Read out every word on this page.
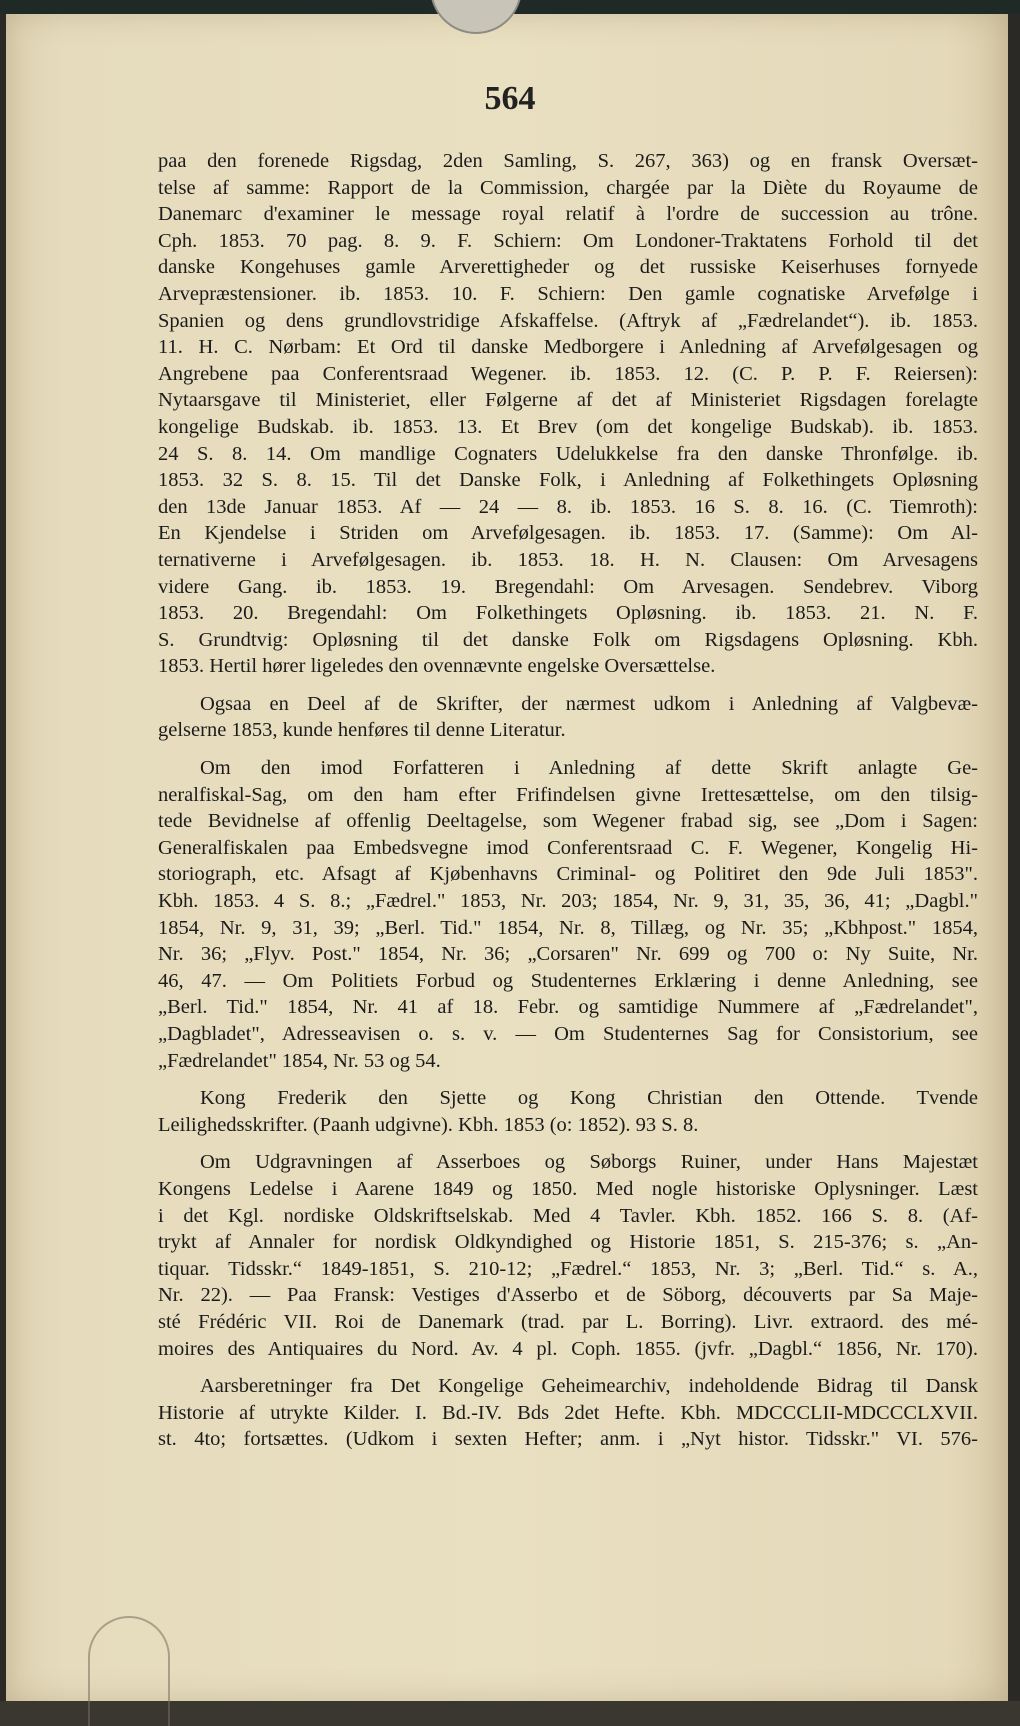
564
paa den forenede Rigsdag, 2den Samling, S. 267, 363) og en fransk Oversæt-
telse af samme: Rapport de la Commission, chargée par la Diète du Royaume de
Danemarc d'examiner le message royal relatif à l'ordre de succession au trône.
Cph. 1853. 70 pag. 8. 9. F. Schiern: Om Londoner-Traktatens Forhold til det
danske Kongehuses gamle Arverettigheder og det russiske Keiserhuses fornyede
Arvepræstensioner. ib. 1853. 10. F. Schiern: Den gamle cognatiske Arvefølge i
Spanien og dens grundlovstridige Afskaffelse. (Aftryk af „Fædrelandet“). ib. 1853.
11. H. C. Nørbam: Et Ord til danske Medborgere i Anledning af Arvefølgesagen og
Angrebene paa Conferentsraad Wegener. ib. 1853. 12. (C. P. P. F. Reiersen):
Nytaarsgave til Ministeriet, eller Følgerne af det af Ministeriet Rigsdagen forelagte
kongelige Budskab. ib. 1853. 13. Et Brev (om det kongelige Budskab). ib. 1853.
24 S. 8. 14. Om mandlige Cognaters Udelukkelse fra den danske Thronfølge. ib.
1853. 32 S. 8. 15. Til det Danske Folk, i Anledning af Folkethingets Opløsning
den 13de Januar 1853. Af — 24 — 8. ib. 1853. 16 S. 8. 16. (C. Tiemroth):
En Kjendelse i Striden om Arvefølgesagen. ib. 1853. 17. (Samme): Om Al-
ternativerne i Arvefølgesagen. ib. 1853. 18. H. N. Clausen: Om Arvesagens
videre Gang. ib. 1853. 19. Bregendahl: Om Arvesagen. Sendebrev. Viborg
1853. 20. Bregendahl: Om Folkethingets Opløsning. ib. 1853. 21. N. F.
S. Grundtvig: Opløsning til det danske Folk om Rigsdagens Opløsning. Kbh.
1853. Hertil hører ligeledes den ovennævnte engelske Oversættelse.
Ogsaa en Deel af de Skrifter, der nærmest udkom i Anledning af Valgbevæ-
gelserne 1853, kunde henføres til denne Literatur.
Om den imod Forfatteren i Anledning af dette Skrift anlagte Ge-
neralfiskal-Sag, om den ham efter Frifindelsen givne Irettesættelse, om den tilsig-
tede Bevidnelse af offenlig Deeltagelse, som Wegener frabad sig, see „Dom i Sagen:
Generalfiskalen paa Embedsvegne imod Conferentsraad C. F. Wegener, Kongelig Hi-
storiograph, etc. Afsagt af Kjøbenhavns Criminal- og Politiret den 9de Juli 1853".
Kbh. 1853. 4 S. 8.; „Fædrel." 1853, Nr. 203; 1854, Nr. 9, 31, 35, 36, 41; „Dagbl."
1854, Nr. 9, 31, 39; „Berl. Tid." 1854, Nr. 8, Tillæg, og Nr. 35; „Kbhpost." 1854,
Nr. 36; „Flyv. Post." 1854, Nr. 36; „Corsaren" Nr. 699 og 700 o: Ny Suite, Nr.
46, 47. — Om Politiets Forbud og Studenternes Erklæring i denne Anledning, see
„Berl. Tid." 1854, Nr. 41 af 18. Febr. og samtidige Nummere af „Fædrelandet",
„Dagbladet", Adresseavisen o. s. v. — Om Studenternes Sag for Consistorium, see
„Fædrelandet" 1854, Nr. 53 og 54.
Kong Frederik den Sjette og Kong Christian den Ottende. Tvende
Leilighedsskrifter. (Paanh udgivne). Kbh. 1853 (o: 1852). 93 S. 8.
Om Udgravningen af Asserboes og Søborgs Ruiner, under Hans Majestæt
Kongens Ledelse i Aarene 1849 og 1850. Med nogle historiske Oplysninger. Læst
i det Kgl. nordiske Oldskriftselskab. Med 4 Tavler. Kbh. 1852. 166 S. 8. (Af-
trykt af Annaler for nordisk Oldkyndighed og Historie 1851, S. 215-376; s. „An-
tiquar. Tidsskr.“ 1849-1851, S. 210-12; „Fædrel.“ 1853, Nr. 3; „Berl. Tid.“ s. A.,
Nr. 22). — Paa Fransk: Vestiges d'Asserbo et de Söborg, découverts par Sa Maje-
sté Frédéric VII. Roi de Danemark (trad. par L. Borring). Livr. extraord. des mé-
moires des Antiquaires du Nord. Av. 4 pl. Coph. 1855. (jvfr. „Dagbl.“ 1856, Nr. 170).
Aarsberetninger fra Det Kongelige Geheimearchiv, indeholdende Bidrag til Dansk
Historie af utrykte Kilder. I. Bd.-IV. Bds 2det Hefte. Kbh. MDCCCLII-MDCCCLXVII.
st. 4to; fortsættes. (Udkom i sexten Hefter; anm. i „Nyt histor. Tidsskr." VI. 576-
